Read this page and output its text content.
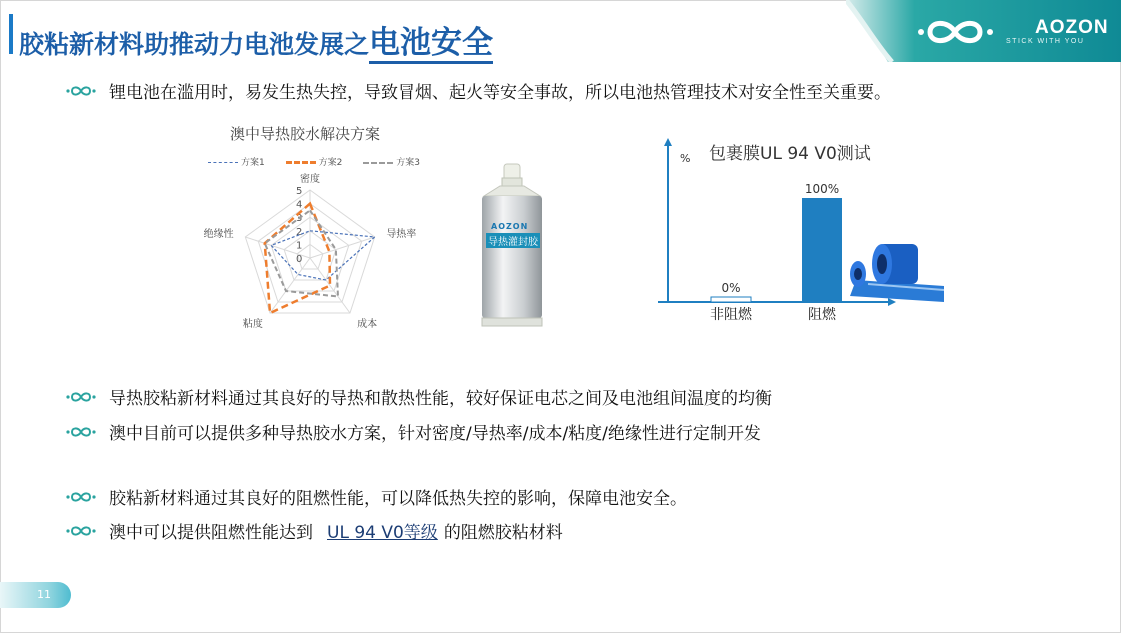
胶粘新材料助推动力电池发展之电池安全	AOZON
STICK WITH YOU
锂电池在滥用时，易发生热失控，导致冒烟、起火等安全事故，所以电池热管理技术对安全性至关重要。
澳中导热胶水解决方案
方案1	方案2	方案3
0
1
2
3
4
5
密度
导热率
成本
粘度
绝缘性
AOZON
导热灌封胶
包裹膜UL 94 V0测试
%
0%
非阻燃
100%
阻燃
导热胶粘新材料通过其良好的导热和散热性能，较好保证电芯之间及电池组间温度的均衡
澳中目前可以提供多种导热胶水方案，针对密度/导热率/成本/粘度/绝缘性进行定制开发
胶粘新材料通过其良好的阻燃性能，可以降低热失控的影响，保障电池安全。
澳中可以提供阻燃性能达到 UL 94 V0等级 的阻燃胶粘材料
11
